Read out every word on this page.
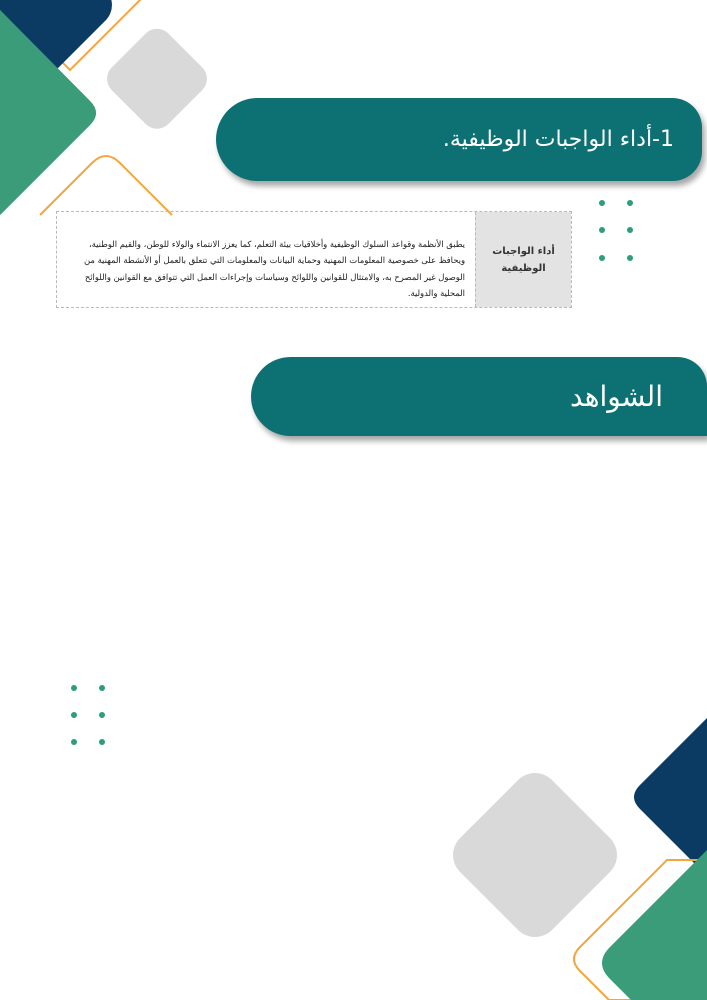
1-أداء الواجبات الوظيفية.
أداء الواجبات الوظيفية
يطبق الأنظمة وقواعد السلوك الوظيفية وأخلاقيات بيئة التعلم، كما يعزز الانتماء والولاء للوطن، والقيم الوطنية، ويحافظ على خصوصية المعلومات المهنية وحماية البيانات والمعلومات التي تتعلق بالعمل أو الأنشطة المهنية من الوصول غير المصرح به، والامتثال للقوانين واللوائح وسياسات وإجراءات العمل التي تتوافق مع القوانين واللوائح المحلية والدولية.
الشواهد
